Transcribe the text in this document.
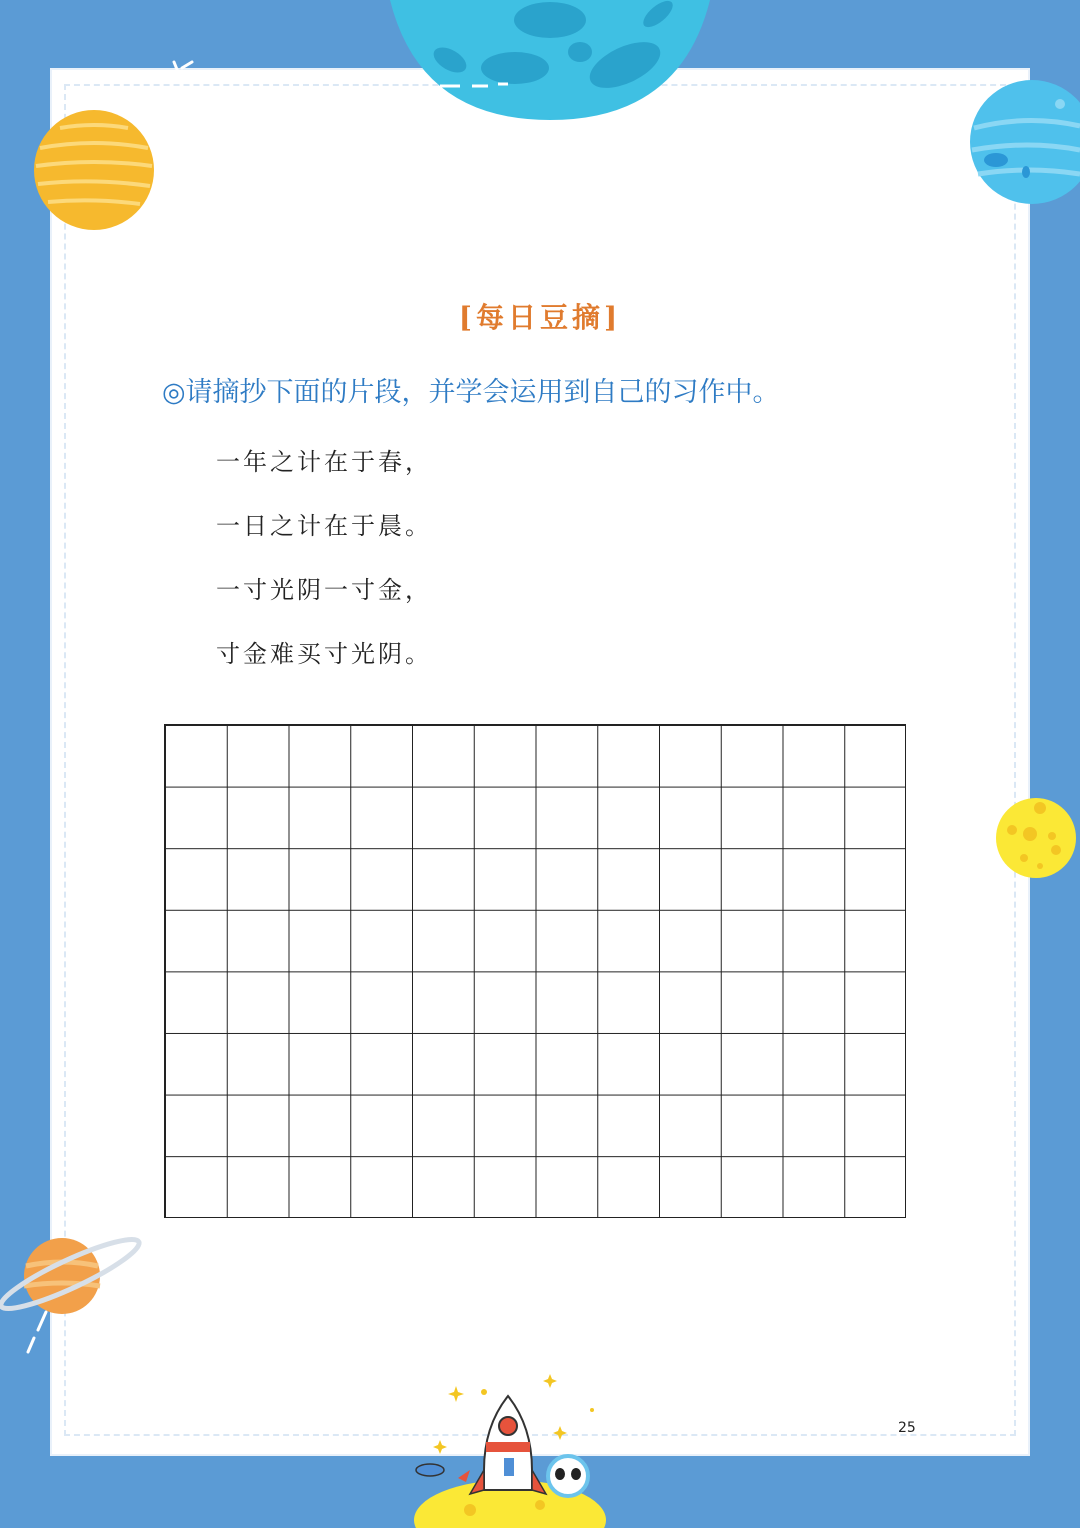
[每日豆摘]
◎请摘抄下面的片段，并学会运用到自己的习作中。
一年之计在于春，
一日之计在于晨。
一寸光阴一寸金，
寸金难买寸光阴。
25
